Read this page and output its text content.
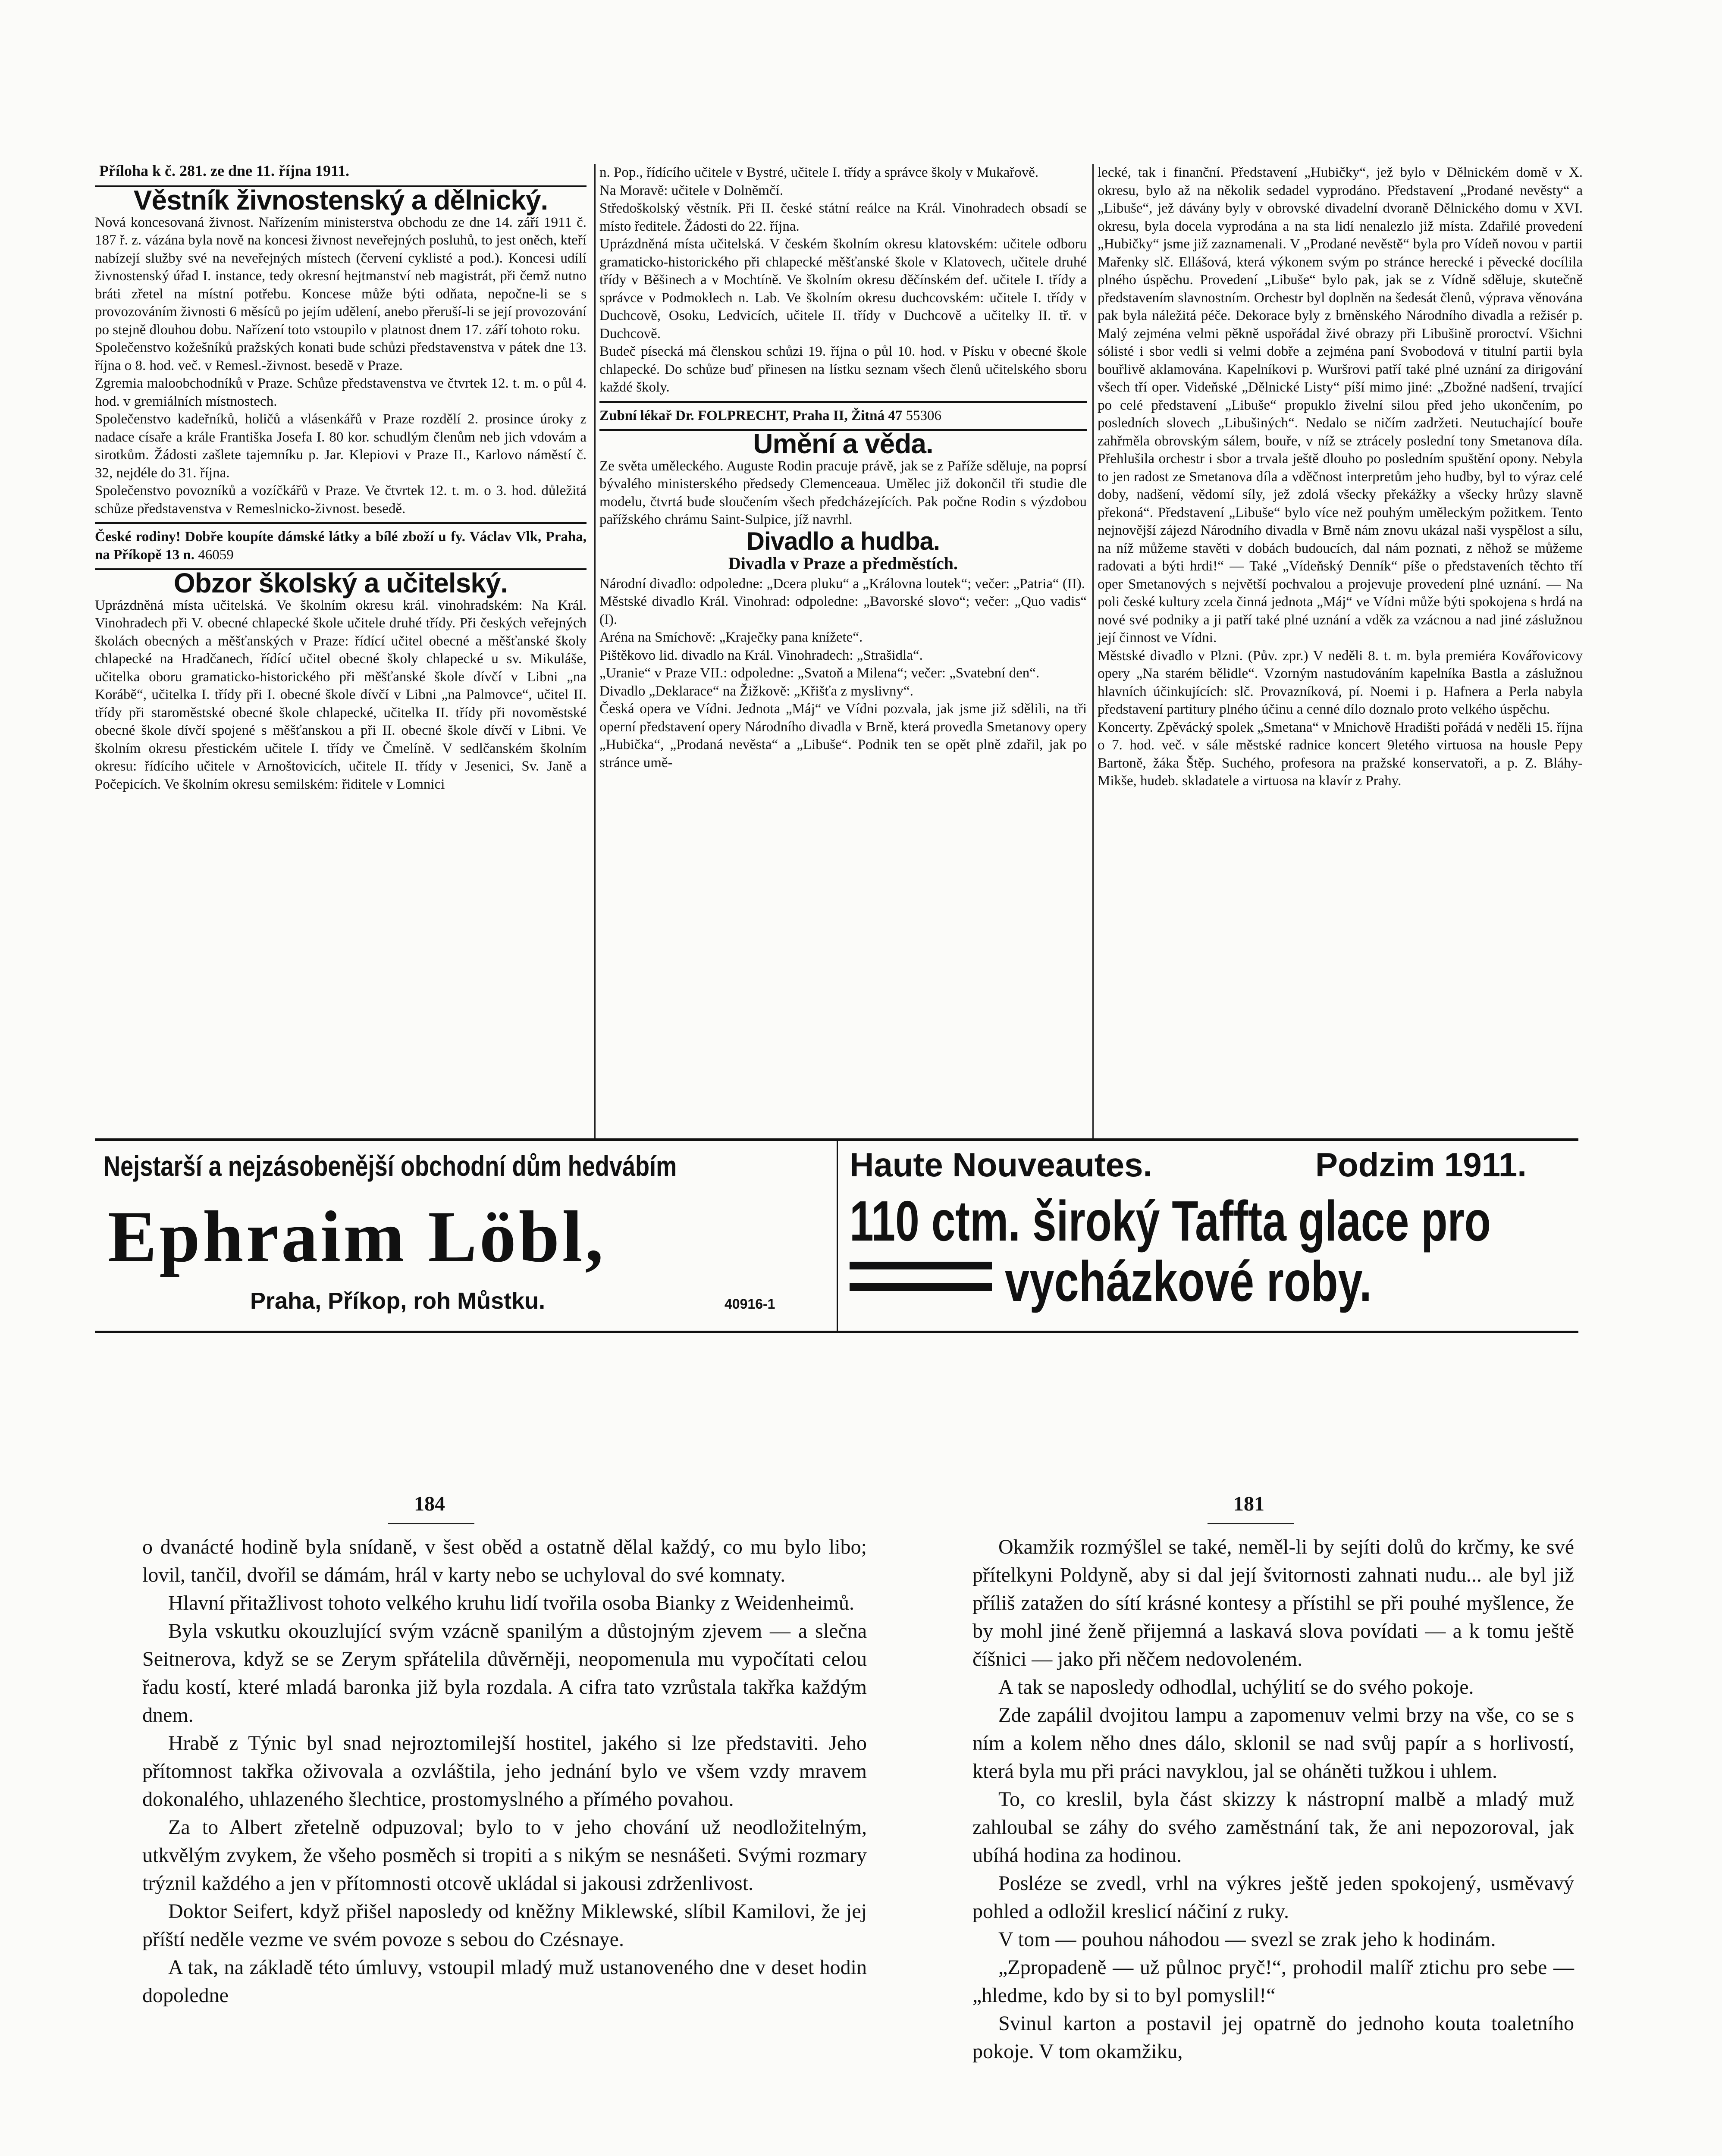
Příloha k č. 281. ze dne 11. října 1911.
Věstník živnostenský a dělnický.

Nová koncesovaná živnost. Nařízením ministerstva obchodu ze dne 14. září 1911 č. 187 ř. z. vázána byla nově na koncesi živnost neveřejných posluhů, to jest oněch, kteří nabízejí služby své na neveřejných místech (červení cyklisté a pod.). Koncesi udílí živnostenský úřad I. instance, tedy okresní hejtmanství neb magistrát, při čemž nutno bráti zřetel na místní potřebu. Koncese může býti odňata, nepočne-li se s provozováním živnosti 6 měsíců po jejím udělení, anebo přeruší-li se její provozování po stejně dlouhou dobu. Nařízení toto vstoupilo v platnost dnem 17. září tohoto roku.

Společenstvo kožešníků pražských konati bude schůzi představenstva v pátek dne 13. října o 8. hod. več. v Remesl.-živnost. besedě v Praze.

Zgremia maloobchodníků v Praze. Schůze představenstva ve čtvrtek 12. t. m. o půl 4. hod. v gremiálních místnostech.

Společenstvo kadeřníků, holičů a vlásenkářů v Praze rozdělí 2. prosince úroky z nadace císaře a krále Františka Josefa I. 80 kor. schudlým členům neb jich vdovám a sirotkům. Žádosti zašlete tajemníku p. Jar. Klepiovi v Praze II., Karlovo náměstí č. 32, nejdéle do 31. října.

Společenstvo povozníků a vozíčkářů v Praze. Ve čtvrtek 12. t. m. o 3. hod. důležitá schůze představenstva v Remeslnicko-živnost. besedě.

České rodiny! Dobře koupíte dámské látky a bílé zboží u fy. Václav Vlk, Praha, na Příkopě 13 n. 46059

Obzor školský a učitelský.

Uprázdněná místa učitelská. Ve školním okresu král. vinohradském: Na Král. Vinohradech při V. obecné chlapecké škole učitele druhé třídy. Při českých veřejných školách obecných a měšťanských v Praze: řídící učitel obecné a měšťanské školy chlapecké na Hradčanech, řídící učitel obecné školy chlapecké u sv. Mikuláše, učitelka oboru gramaticko-historického při měšťanské škole dívčí v Libni „na Korábě“, učitelka I. třídy při I. obecné škole dívčí v Libni „na Palmovce“, učitel II. třídy při staroměstské obecné škole chlapecké, učitelka II. třídy při novoměstské obecné škole dívčí spojené s měšťanskou a při II. obecné škole dívčí v Libni. Ve školním okresu přestickém učitele I. třídy ve Čmelíně. V sedlčanském školním okresu: řídícího učitele v Arnoštovicích, učitele II. třídy v Jesenici, Sv. Janě a Počepicích. Ve školním okresu semilském: řiditele v Lomnici

n. Pop., řídícího učitele v Bystré, učitele I. třídy a správce školy v Mukařově.

Na Moravě: učitele v Dolněmčí.

Středoškolský věstník. Při II. české státní reálce na Král. Vinohradech obsadí se místo ředitele. Žádosti do 22. října.

Uprázdněná místa učitelská. V českém školním okresu klatovském: učitele odboru gramaticko-historického při chlapecké měšťanské škole v Klatovech, učitele druhé třídy v Běšinech a v Mochtíně. Ve školním okresu děčínském def. učitele I. třídy a správce v Podmoklech n. Lab. Ve školním okresu duchcovském: učitele I. třídy v Duchcově, Osoku, Ledvicích, učitele II. třídy v Duchcově a učitelky II. tř. v Duchcově.

Budeč písecká má členskou schůzi 19. října o půl 10. hod. v Písku v obecné škole chlapecké. Do schůze buď přinesen na lístku seznam všech členů učitelského sboru každé školy.

Zubní lékař Dr. FOLPRECHT, Praha II, Žitná 47 55306

Umění a věda.

Ze světa uměleckého. Auguste Rodin pracuje právě, jak se z Paříže sděluje, na poprsí bývalého ministerského předsedy Clemenceaua. Umělec již dokončil tři studie dle modelu, čtvrtá bude sloučením všech předcházejících. Pak počne Rodin s výzdobou pařížského chrámu Saint-Sulpice, jíž navrhl.

Divadlo a hudba.
Divadla v Praze a předměstích.

Národní divadlo: odpoledne: „Dcera pluku“ a „Královna loutek“; večer: „Patria“ (II).

Městské divadlo Král. Vinohrad: odpoledne: „Bavorské slovo“; večer: „Quo vadis“ (I).

Aréna na Smíchově: „Kraječky pana knížete“.

Pištěkovo lid. divadlo na Král. Vinohradech: „Strašidla“.

„Uranie“ v Praze VII.: odpoledne: „Svatoň a Milena“; večer: „Svatební den“.

Divadlo „Deklarace“ na Žižkově: „Křišťa z myslivny“.

Česká opera ve Vídni. Jednota „Máj“ ve Vídni pozvala, jak jsme již sdělili, na tři operní představení opery Národního divadla v Brně, která provedla Smetanovy opery „Hubička“, „Prodaná nevěsta“ a „Libuše“. Podnik ten se opět plně zdařil, jak po stránce umě-

lecké, tak i finanční. Představení „Hubičky“, jež bylo v Dělnickém domě v X. okresu, bylo až na několik sedadel vyprodáno. Představení „Prodané nevěsty“ a „Libuše“, jež dávány byly v obrovské divadelní dvoraně Dělnického domu v XVI. okresu, byla docela vyprodána a na sta lidí nenalezlo již místa. Zdařilé provedení „Hubičky“ jsme již zaznamenali. V „Prodané nevěstě“ byla pro Vídeň novou v partii Mařenky slč. Ellášová, která výkonem svým po stránce herecké i pěvecké docílila plného úspěchu. Provedení „Libuše“ bylo pak, jak se z Vídně sděluje, skutečně představením slavnostním. Orchestr byl doplněn na šedesát členů, výprava věnována pak byla náležitá péče. Dekorace byly z brněnského Národního divadla a režisér p. Malý zejména velmi pěkně uspořádal živé obrazy při Libušině proroctví. Všichni sólisté i sbor vedli si velmi dobře a zejména paní Svobodová v titulní partii byla bouřlivě aklamována. Kapelníkovi p. Wuršrovi patří také plné uznání za dirigování všech tří oper. Videňské „Dělnické Listy“ píší mimo jiné: „Zbožné nadšení, trvající po celé představení „Libuše“ propuklo živelní silou před jeho ukončením, po posledních slovech „Libušiných“. Nedalo se ničím zadržeti. Neutuchající bouře zahřměla obrovským sálem, bouře, v níž se ztrácely poslední tony Smetanova díla. Přehlušila orchestr i sbor a trvala ještě dlouho po posledním spuštění opony. Nebyla to jen radost ze Smetanova díla a vděčnost interpretům jeho hudby, byl to výraz celé doby, nadšení, vědomí síly, jež zdolá všecky překážky a všecky hrůzy slavně překoná“. Představení „Libuše“ bylo více než pouhým uměleckým požitkem. Tento nejnovější zájezd Národního divadla v Brně nám znovu ukázal naši vyspělost a sílu, na níž můžeme stavěti v dobách budoucích, dal nám poznati, z něhož se můžeme radovati a býti hrdi!“ — Také „Vídeňský Denník“ píše o představeních těchto tří oper Smetanových s největší pochvalou a projevuje provedení plné uznání. — Na poli české kultury zcela činná jednota „Máj“ ve Vídni může býti spokojena s hrdá na nové své podniky a ji patří také plné uznání a vděk za vzácnou a nad jiné záslužnou její činnost ve Vídni.

Městské divadlo v Plzni. (Pův. zpr.) V neděli 8. t. m. byla premiéra Kovářovicovy opery „Na starém bělidle“. Vzorným nastudováním kapelníka Bastla a záslužnou hlavních účinkujících: slč. Provazníková, pí. Noemi i p. Hafnera a Perla nabyla představení partitury plného účinu a cenné dílo doznalo proto velkého úspěchu.

Koncerty. Zpěvácký spolek „Smetana“ v Mnichově Hradišti pořádá v neděli 15. října o 7. hod. več. v sále městské radnice koncert 9letého virtuosa na housle Pepy Bartoně, žáka Štěp. Suchého, profesora na pražské konservatoři, a p. Z. Bláhy-Mikše, hudeb. skladatele a virtuosa na klavír z Prahy.

Nejstarší a nejzásobenější obchodní dům hedvábím
Ephraim Löbl,
Praha, Příkop, roh Můstku.	40916-1
Haute Nouveautes.	Podzim 1911.
110 ctm. široký Taffta glace pro
vycházkové roby.
184	181

o dvanácté hodině byla snídaně, v šest oběd a ostatně dělal každý, co mu bylo libo; lovil, tančil, dvořil se dámám, hrál v karty nebo se uchyloval do své komnaty.

Hlavní přitažlivost tohoto velkého kruhu lidí tvořila osoba Bianky z Weidenheimů.

Byla vskutku okouzlující svým vzácně spanilým a důstojným zjevem — a slečna Seitnerova, když se se Zerym spřátelila důvěrněji, neopomenula mu vypočítati celou řadu kostí, které mladá baronka již byla rozdala. A cifra tato vzrůstala takřka každým dnem.

Hrabě z Týnic byl snad nejroztomilejší hostitel, jakého si lze představiti. Jeho přítomnost takřka oživovala a ozvláštila, jeho jednání bylo ve všem vzdy mravem dokonalého, uhlazeného šlechtice, prostomyslného a přímého povahou.

Za to Albert zřetelně odpuzoval; bylo to v jeho chování už neodložitelným, utkvělým zvykem, že všeho posměch si tropiti a s nikým se nesnášeti. Svými rozmary trýznil každého a jen v přítomnosti otcově ukládal si jakousi zdrženlivost.

Doktor Seifert, když přišel naposledy od kněžny Miklewské, slíbil Kamilovi, že jej příští neděle vezme ve svém povoze s sebou do Czésnaye.

A tak, na základě této úmluvy, vstoupil mladý muž ustanoveného dne v deset hodin dopoledne

Okamžik rozmýšlel se také, neměl-li by sejíti dolů do krčmy, ke své přítelkyni Poldyně, aby si dal její švitornosti zahnati nudu... ale byl již příliš zatažen do sítí krásné kontesy a přístihl se při pouhé myšlence, že by mohl jiné ženě přijemná a laskavá slova povídati — a k tomu ještě číšnici — jako při něčem nedovoleném.

A tak se naposledy odhodlal, uchýlití se do svého pokoje.

Zde zapálil dvojitou lampu a zapomenuv velmi brzy na vše, co se s ním a kolem něho dnes dálo, sklonil se nad svůj papír a s horlivostí, která byla mu při práci navyklou, jal se oháněti tužkou i uhlem.

To, co kreslil, byla část skizzy k nástropní malbě a mladý muž zahloubal se záhy do svého zaměstnání tak, že ani nepozoroval, jak ubíhá hodina za hodinou.

Posléze se zvedl, vrhl na výkres ještě jeden spokojený, usměvavý pohled a odložil kreslicí náčiní z ruky.

V tom — pouhou náhodou — svezl se zrak jeho k hodinám.

„Zpropadeně — už půlnoc pryč!“, prohodil malíř ztichu pro sebe — „hledme, kdo by si to byl pomyslil!“

Svinul karton a postavil jej opatrně do jednoho kouta toaletního pokoje. V tom okamžiku,
